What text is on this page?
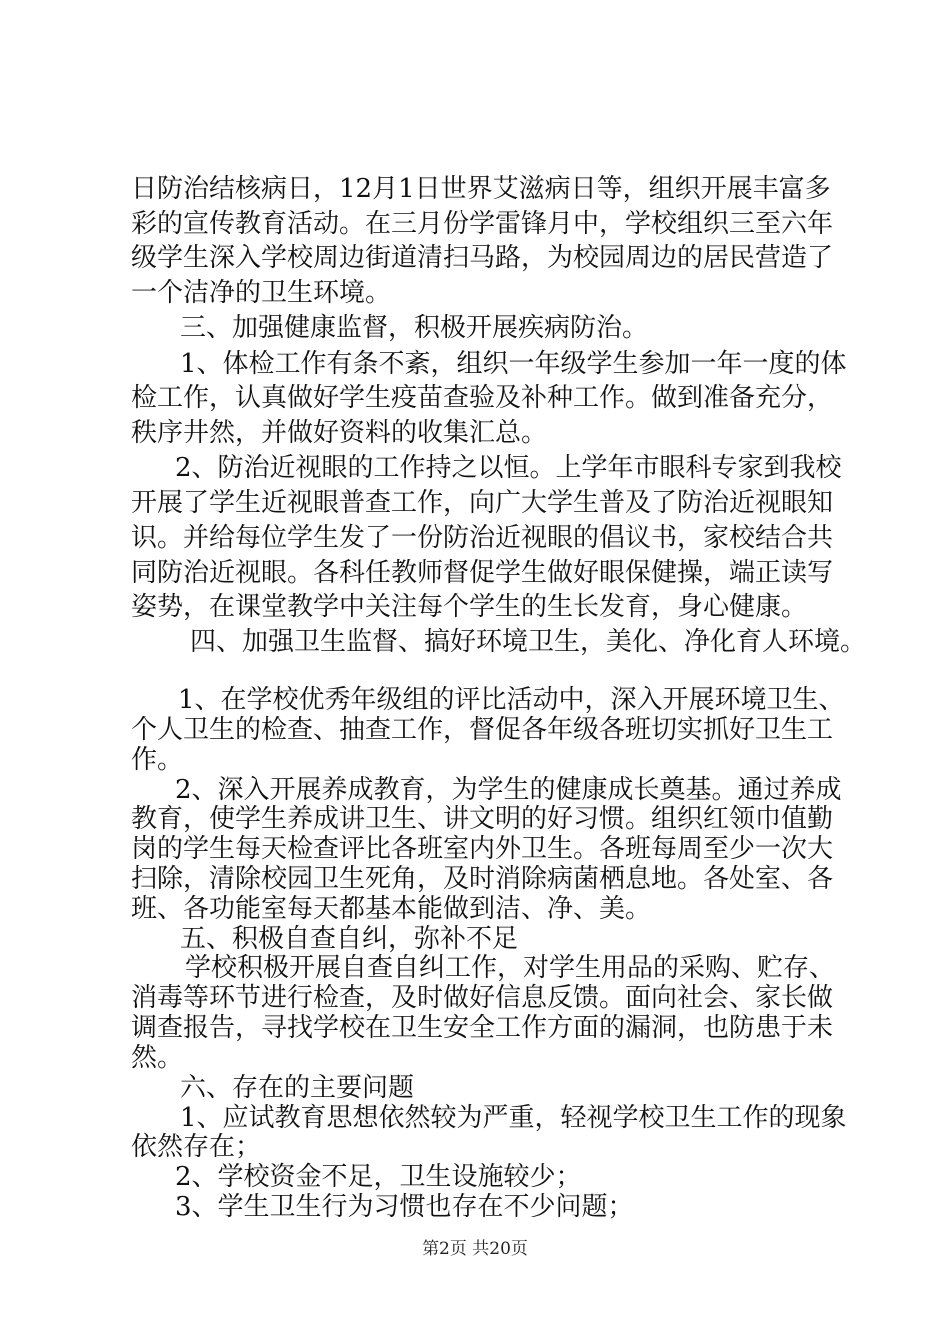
日防治结核病日，12月1日世界艾滋病日等，组织开展丰富多
彩的宣传教育活动。在三月份学雷锋月中，学校组织三至六年
级学生深入学校周边街道清扫马路，为校园周边的居民营造了
一个洁净的卫生环境。
三、加强健康监督，积极开展疾病防治。
1、体检工作有条不紊，组织一年级学生参加一年一度的体
检工作，认真做好学生疫苗查验及补种工作。做到准备充分，
秩序井然，并做好资料的收集汇总。
2、防治近视眼的工作持之以恒。上学年市眼科专家到我校
开展了学生近视眼普查工作，向广大学生普及了防治近视眼知
识。并给每位学生发了一份防治近视眼的倡议书，家校结合共
同防治近视眼。各科任教师督促学生做好眼保健操，端正读写
姿势，在课堂教学中关注每个学生的生长发育，身心健康。
四、加强卫生监督、搞好环境卫生，美化、净化育人环境。
1、在学校优秀年级组的评比活动中，深入开展环境卫生、
个人卫生的检查、抽查工作，督促各年级各班切实抓好卫生工
作。
2、深入开展养成教育，为学生的健康成长奠基。通过养成
教育，使学生养成讲卫生、讲文明的好习惯。组织红领巾值勤
岗的学生每天检查评比各班室内外卫生。各班每周至少一次大
扫除，清除校园卫生死角，及时消除病菌栖息地。各处室、各
班、各功能室每天都基本能做到洁、净、美。
五、积极自查自纠，弥补不足
学校积极开展自查自纠工作，对学生用品的采购、贮存、
消毒等环节进行检查，及时做好信息反馈。面向社会、家长做
调查报告，寻找学校在卫生安全工作方面的漏洞，也防患于未
然。
六、存在的主要问题
1、应试教育思想依然较为严重，轻视学校卫生工作的现象
依然存在；
2、学校资金不足，卫生设施较少；
3、学生卫生行为习惯也存在不少问题；
第2页 共20页
